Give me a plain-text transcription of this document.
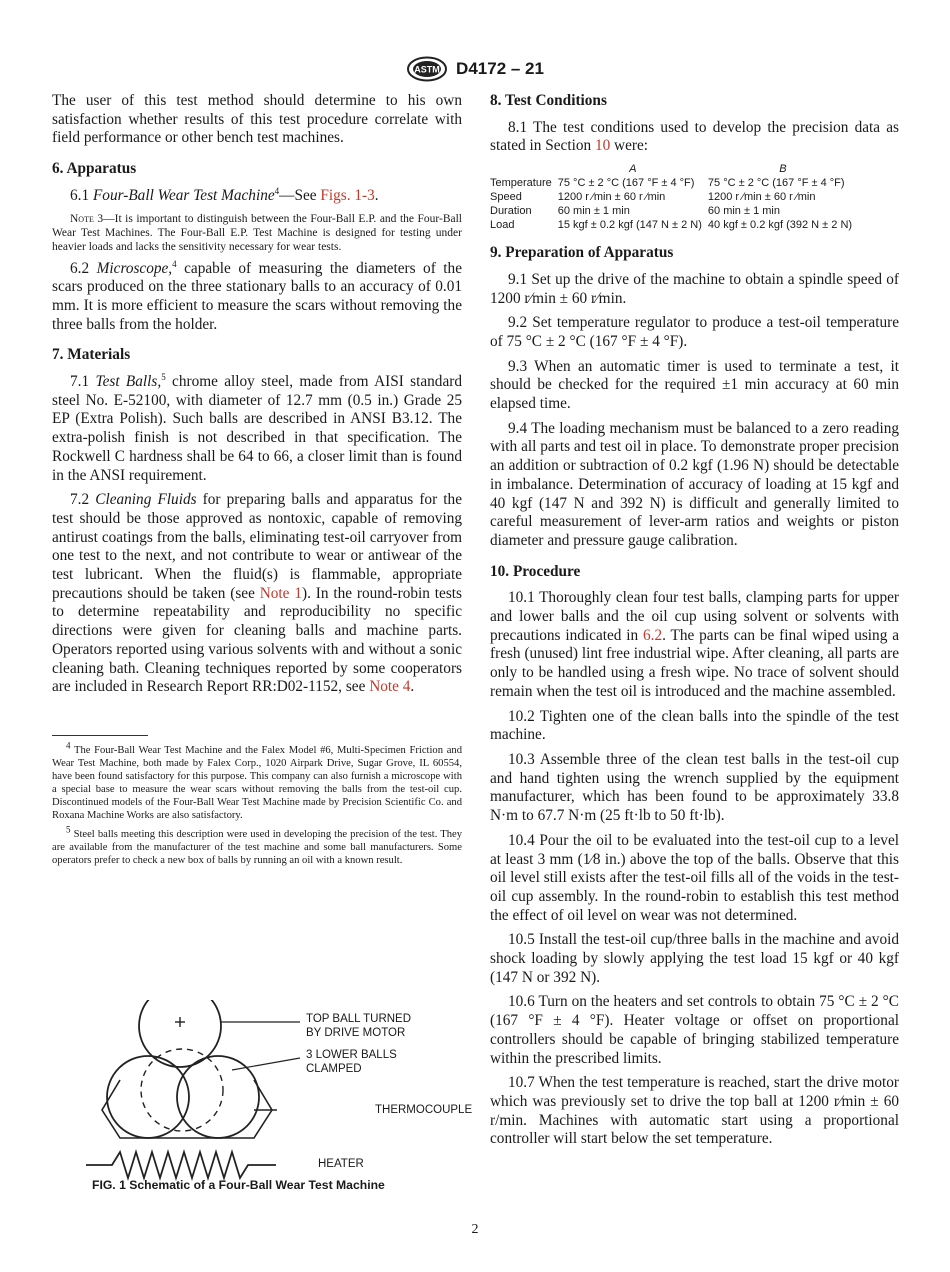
ASTM D4172 – 21

The user of this test method should determine to his own satisfaction whether results of this test procedure correlate with field performance or other bench test machines.

6. Apparatus

6.1 Four-Ball Wear Test Machine$^4$—See Figs. 1-3.

Note 3—It is important to distinguish between the Four-Ball E.P. and the Four-Ball Wear Test Machines. The Four-Ball E.P. Test Machine is designed for testing under heavier loads and lacks the sensitivity necessary for wear tests.

6.2 Microscope,$^4$ capable of measuring the diameters of the scars produced on the three stationary balls to an accuracy of 0.01 mm. It is more efficient to measure the scars without removing the three balls from the holder.

7. Materials

7.1 Test Balls,$^5$ chrome alloy steel, made from AISI standard steel No. E-52100, with diameter of 12.7 mm (0.5 in.) Grade 25 EP (Extra Polish). Such balls are described in ANSI B3.12. The extra-polish finish is not described in that specification. The Rockwell C hardness shall be 64 to 66, a closer limit than is found in the ANSI requirement.

7.2 Cleaning Fluids for preparing balls and apparatus for the test should be those approved as nontoxic, capable of removing antirust coatings from the balls, eliminating test-oil carryover from one test to the next, and not contribute to wear or antiwear of the test lubricant. When the fluid(s) is flammable, appropriate precautions should be taken (see Note 1). In the round-robin tests to determine repeatability and reproducibility no specific directions were given for cleaning balls and machine parts. Operators reported using various solvents with and without a sonic cleaning bath. Cleaning techniques reported by some cooperators are included in Research Report RR:D02-1152, see Note 4.

$^4$ The Four-Ball Wear Test Machine and the Falex Model #6, Multi-Specimen Friction and Wear Test Machine, both made by Falex Corp., 1020 Airpark Drive, Sugar Grove, IL 60554, have been found satisfactory for this purpose. This company can also furnish a microscope with a special base to measure the wear scars without removing the balls from the test-oil cup. Discontinued models of the Four-Ball Wear Test Machine made by Precision Scientific Co. and Roxana Machine Works are also satisfactory.

$^5$ Steel balls meeting this description were used in developing the precision of the test. They are available from the manufacturer of the test machine and some ball manufacturers. Some operators prefer to check a new box of balls by running an oil with a known result.

TOP BALL TURNED
BY DRIVE MOTOR
3 LOWER BALLS
CLAMPED
THERMOCOUPLE
HEATER
FIG. 1 Schematic of a Four-Ball Wear Test Machine
8. Test Conditions

8.1 The test conditions used to develop the precision data as stated in Section 10 were:

	A	B
Temperature	75 °C ± 2 °C (167 °F ± 4 °F)	75 °C ± 2 °C (167 °F ± 4 °F)
Speed	1200 r ⁄min ± 60 r ⁄min	1200 r ⁄min ± 60 r ⁄min
Duration	60 min ± 1 min	60 min ± 1 min
Load	15 kgf ± 0.2 kgf (147 N ± 2 N)	40 kgf ± 0.2 kgf (392 N ± 2 N)
9. Preparation of Apparatus

9.1 Set up the drive of the machine to obtain a spindle speed of 1200 r⁄min ± 60 r⁄min.

9.2 Set temperature regulator to produce a test-oil temperature of 75 °C ± 2 °C (167 °F ± 4 °F).

9.3 When an automatic timer is used to terminate a test, it should be checked for the required ±1 min accuracy at 60 min elapsed time.

9.4 The loading mechanism must be balanced to a zero reading with all parts and test oil in place. To demonstrate proper precision an addition or subtraction of 0.2 kgf (1.96 N) should be detectable in imbalance. Determination of accuracy of loading at 15 kgf and 40 kgf (147 N and 392 N) is difficult and generally limited to careful measurement of lever-arm ratios and weights or piston diameter and pressure gauge calibration.

10. Procedure

10.1 Thoroughly clean four test balls, clamping parts for upper and lower balls and the oil cup using solvent or solvents with precautions indicated in 6.2. The parts can be final wiped using a fresh (unused) lint free industrial wipe. After cleaning, all parts are only to be handled using a fresh wipe. No trace of solvent should remain when the test oil is introduced and the machine assembled.

10.2 Tighten one of the clean balls into the spindle of the test machine.

10.3 Assemble three of the clean test balls in the test-oil cup and hand tighten using the wrench supplied by the equipment manufacturer, which has been found to be approximately 33.8 N·m to 67.7 N·m (25 ft·lb to 50 ft·lb).

10.4 Pour the oil to be evaluated into the test-oil cup to a level at least 3 mm (1⁄8 in.) above the top of the balls. Observe that this oil level still exists after the test-oil fills all of the voids in the test-oil cup assembly. In the round-robin to establish this test method the effect of oil level on wear was not determined.

10.5 Install the test-oil cup/three balls in the machine and avoid shock loading by slowly applying the test load 15 kgf or 40 kgf (147 N or 392 N).

10.6 Turn on the heaters and set controls to obtain 75 °C ± 2 °C (167 °F ± 4 °F). Heater voltage or offset on proportional controllers should be capable of bringing stabilized temperature within the prescribed limits.

10.7 When the test temperature is reached, start the drive motor which was previously set to drive the top ball at 1200 r⁄min ± 60 r/min. Machines with automatic start using a proportional controller will start below the set temperature.

2
